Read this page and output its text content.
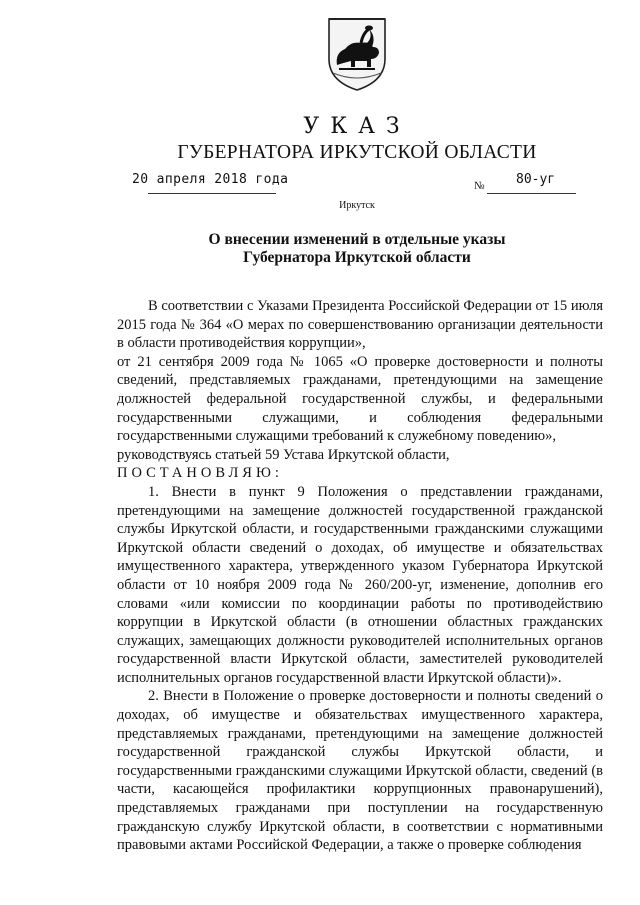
УКАЗ
ГУБЕРНАТОРА ИРКУТСКОЙ ОБЛАСТИ
20 апреля 2018 года	№ 80-уг
Иркутск
О внесении изменений в отдельные указы
Губернатора Иркутской области

В соответствии с Указами Президента Российской Федерации от 15 июля 2015 года № 364 «О мерах по совершенствованию организации деятельности в области противодействия коррупции»,

от 21 сентября 2009 года № 1065 «О проверке достоверности и полноты сведений, представляемых гражданами, претендующими на замещение должностей федеральной государственной службы, и федеральными государственными служащими, и соблюдения федеральными государственными служащими требований к служебному поведению»,

руководствуясь статьей 59 Устава Иркутской области,

ПОСТАНОВЛЯЮ:

1. Внести в пункт 9 Положения о представлении гражданами, претендующими на замещение должностей государственной гражданской службы Иркутской области, и государственными гражданскими служащими Иркутской области сведений о доходах, об имуществе и обязательствах имущественного характера, утвержденного указом Губернатора Иркутской области от 10 ноября 2009 года № 260/200-уг, изменение, дополнив его словами «или комиссии по координации работы по противодействию коррупции в Иркутской области (в отношении областных гражданских служащих, замещающих должности руководителей исполнительных органов государственной власти Иркутской области, заместителей руководителей исполнительных органов государственной власти Иркутской области)».

2. Внести в Положение о проверке достоверности и полноты сведений о доходах, об имуществе и обязательствах имущественного характера, представляемых гражданами, претендующими на замещение должностей государственной гражданской службы Иркутской области, и государственными гражданскими служащими Иркутской области, сведений (в части, касающейся профилактики коррупционных правонарушений), представляемых гражданами при поступлении на государственную гражданскую службу Иркутской области, в соответствии с нормативными правовыми актами Российской Федерации, а также о проверке соблюдения
